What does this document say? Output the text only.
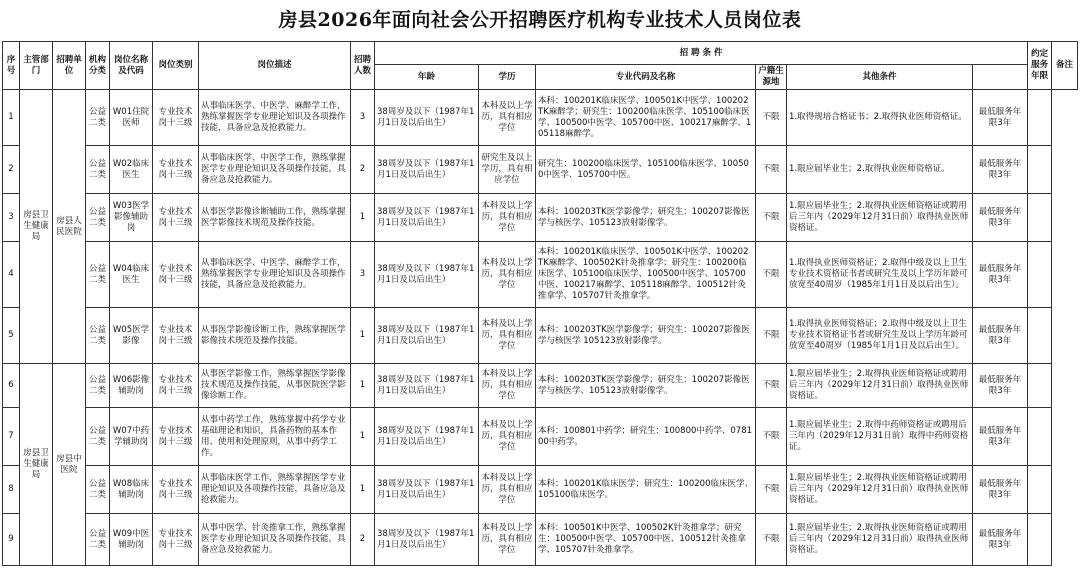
房县2026年面向社会公开招聘医疗机构专业技术人员岗位表
序号	主管部门	招聘单位	机构分类	岗位名称及代码	岗位类别	岗位描述	招聘人数	招 聘 条 件						约定服务年限	备注
								年龄	学历	专业代码及名称	户籍生源地	其他条件			
1	房县卫生健康局	房县人民医院	公益二类	W01住院医师	专业技术岗十三级	从事临床医学、中医学、麻醉学工作，熟练掌握医学专业理论知识及各项操作技能，具备应急及抢救能力。	3	38周岁及以下（1987年1月1日及以后出生）	本科及以上学历，具有相应学位	本科：100201K临床医学、100501K中医学、100202TK麻醉学；研究生：100200临床医学、105100临床医学、100500中医学、105700中医、100217麻醉学、105118麻醉学。	不限	1.取得规培合格证书；2.取得执业医师资格证。	最低服务年限3年		
2			公益二类	W02临床医生	专业技术岗十三级	从事临床医学、中医学工作，熟练掌握医学专业理论知识及各项操作技能，具备应急及抢救能力。	2	38周岁及以下（1987年1月1日及以后出生）	研究生及以上学历，具有相应学位	研究生：100200临床医学、105100临床医学、100500中医学、105700中医。	不限	1.限应届毕业生；2.取得执业医师资格证。	最低服务年限3年		
3			公益二类	W03医学影像辅助岗	专业技术岗十三级	从事医学影像诊断辅助工作，熟练掌握医学影像技术规范及操作技能。	1	38周岁及以下（1987年1月1日及以后出生）	本科及以上学历，具有相应学位	本科：100203TK医学影像学；研究生：100207影像医学与核医学、105123放射影像学。	不限	1.限应届毕业生；2.取得执业医师资格证或聘用后三年内（2029年12月31日前）取得执业医师资格证。	最低服务年限3年		
4			公益二类	W04临床医生	专业技术岗十三级	从事临床医学、中医学、麻醉学工作，熟练掌握医学专业理论知识及各项操作技能，具备应急及抢救能力。	3	38周岁及以下（1987年1月1日及以后出生）	本科及以上学历，具有相应学位	本科：100201K临床医学、100501K中医学、100202TK麻醉学、100502K针灸推拿学；研究生：100200临床医学、105100临床医学、100500中医学、105700中医、100217麻醉学、105118麻醉学、100512针灸推拿学、105707针灸推拿学。	不限	1.取得执业医师资格证；2.取得中级及以上卫生专业技术资格证书者或研究生及以上学历年龄可放宽至40周岁（1985年1月1日及以后出生）。	最低服务年限3年		
5			公益二类	W05医学影像	专业技术岗十三级	从事医学影像诊断工作，熟练掌握医学影像技术规范及操作技能。	1	38周岁及以下（1987年1月1日及以后出生）	本科及以上学历，具有相应学位	本科：100203TK医学影像学；研究生：100207影像医学与核医学 105123放射影像学。	不限	1.取得执业医师资格证；2.取得中级及以上卫生专业技术资格证书者或研究生及以上学历年龄可放宽至40周岁（1985年1月1日及以后出生）。	最低服务年限3年		
6	房县卫生健康局	房县中医院	公益二类	W06影像辅助岗	专业技术岗十三级	从事医学影像工作，熟练掌握医学影像技术规范及操作技能，从事医院医学影像诊断工作。	1	38周岁及以下（1987年1月1日及以后出生）	本科及以上学历，具有相应学位	本科：100203TK医学影像学；研究生：100207影像医学与核医学、105123放射影像学。	不限	1.限应届毕业生；2.取得执业医师资格证或聘用后三年内（2029年12月31日前）取得执业医师资格证。	最低服务年限3年		
7			公益二类	W07中药学辅助岗	专业技术岗十三级	从事中药学工作，熟练掌握中药学专业基础理论和知识，具备药物的基本作用、使用和处理原则，从事中药学工作。	1	38周岁及以下（1987年1月1日及以后出生）	本科及以上学历，具有相应学位	本科：100801中药学；研究生：100800中药学、078100中药学。	不限	1.限应届毕业生；2.取得中药师资格证或聘用后三年内（2029年12月31日前）取得中药师资格证。	最低服务年限3年		
8			公益二类	W08临床辅助岗	专业技术岗十三级	从事临床医学工作，熟练掌握医学专业理论知识及各项操作技能，具备应急及抢救能力。	1	38周岁及以下（1987年1月1日及以后出生）	本科及以上学历，具有相应学位	本科：100201K临床医学；研究生：100200临床医学、105100临床医学。	不限	1.限应届毕业生；2.取得执业医师资格证或聘用后三年内（2029年12月31日前）取得执业医师资格证。	最低服务年限3年		
9			公益二类	W09中医辅助岗	专业技术岗十三级	从事中医学、针灸推拿工作，熟练掌握医学专业理论知识及各项操作技能，具备应急及抢救能力。	2	38周岁及以下（1987年1月1日及以后出生）	本科及以上学历，具有相应学位	本科：100501K中医学、100502K针灸推拿学；研究生：100500中医学、105700中医、100512针灸推拿学、105707针灸推拿学。	不限	1.限应届毕业生；2.取得执业医师资格证或聘用后三年内（2029年12月31日前）取得执业医师资格证。	最低服务年限3年		
